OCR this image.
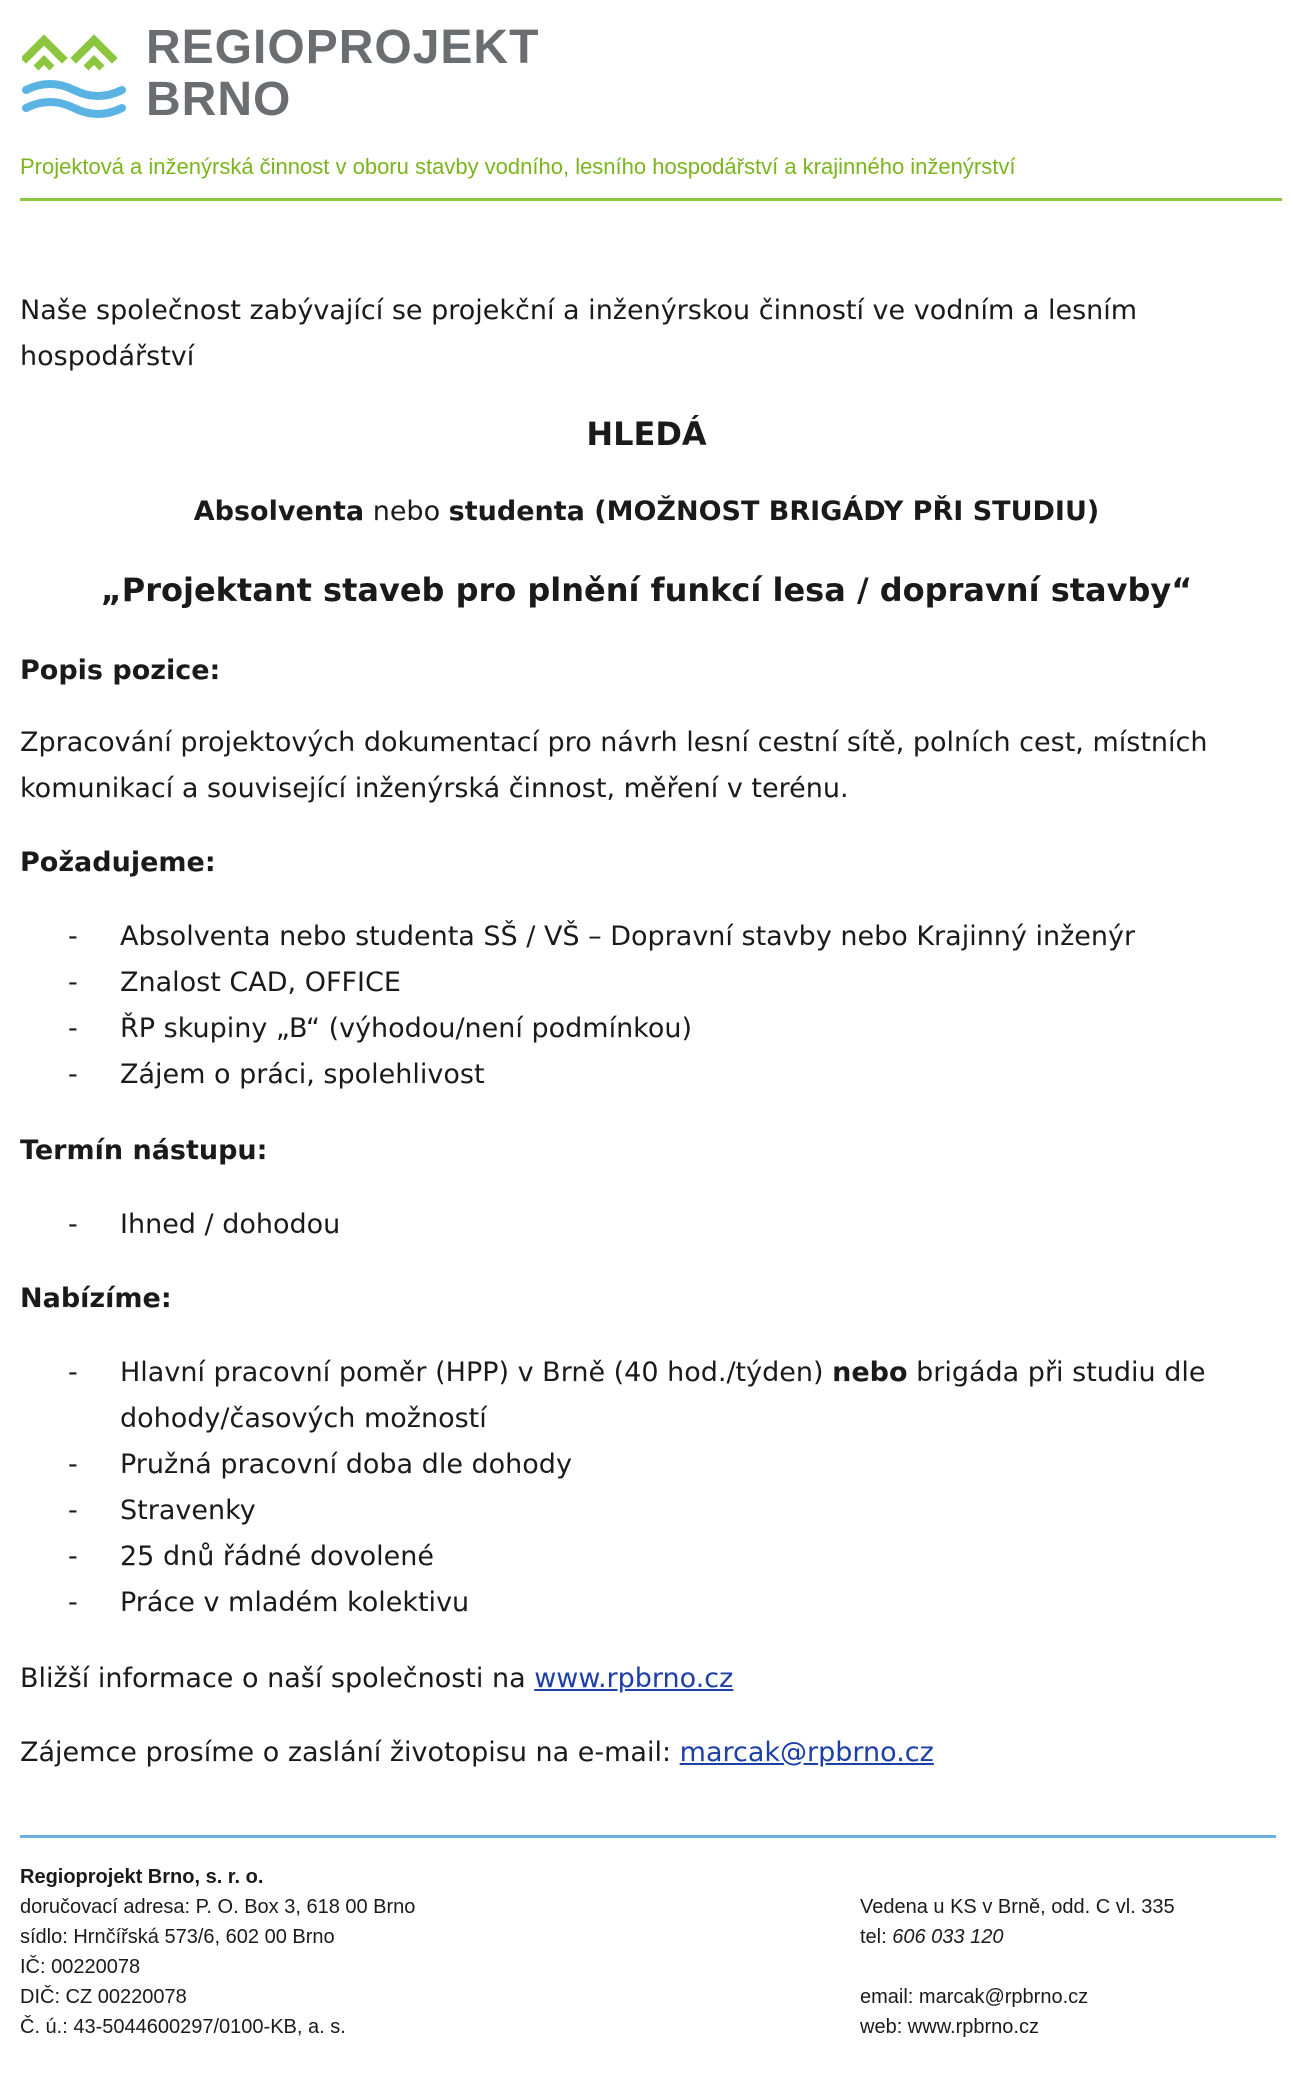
REGIOPROJEKT
BRNO
Projektová a inženýrská činnost v oboru stavby vodního, lesního hospodářství a krajinného inženýrství
Naše společnost zabývající se projekční a inženýrskou činností ve vodním a lesním
hospodářství
HLEDÁ
Absolventa nebo studenta (MOŽNOST BRIGÁDY PŘI STUDIU)
„Projektant staveb pro plnění funkcí lesa / dopravní stavby“
Popis pozice:
Zpracování projektových dokumentací pro návrh lesní cestní sítě, polních cest, místních
komunikací a související inženýrská činnost, měření v terénu.
Požadujeme:
- Absolventa nebo studenta SŠ / VŠ – Dopravní stavby nebo Krajinný inženýr
- Znalost CAD, OFFICE
- ŘP skupiny „B“ (výhodou/není podmínkou)
- Zájem o práci, spolehlivost
Termín nástupu:
- Ihned / dohodou
Nabízíme:
- Hlavní pracovní poměr (HPP) v Brně (40 hod./týden) nebo brigáda při studiu dle
dohody/časových možností
- Pružná pracovní doba dle dohody
- Stravenky
- 25 dnů řádné dovolené
- Práce v mladém kolektivu
Bližší informace o naší společnosti na www.rpbrno.cz
Zájemce prosíme o zaslání životopisu na e-mail: marcak@rpbrno.cz
Regioprojekt Brno, s. r. o.
doručovací adresa: P. O. Box 3, 618 00 Brno
sídlo: Hrnčířská 573/6, 602 00 Brno
IČ: 00220078
DIČ: CZ 00220078
Č. ú.: 43-5044600297/0100-KB, a. s.
Vedena u KS v Brně, odd. C vl. 335
tel: 606 033 120
email: marcak@rpbrno.cz
web: www.rpbrno.cz
